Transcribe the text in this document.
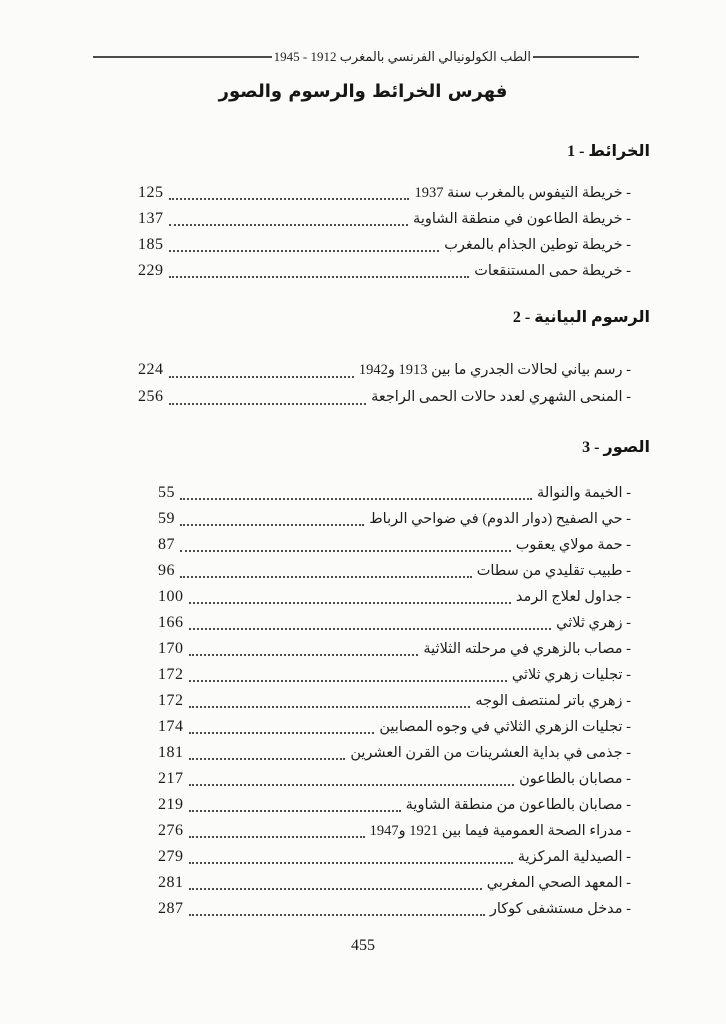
الطب الكولونيالي الفرنسي بالمغرب 1912 - 1945
فهرس الخرائط والرسوم والصور
1 - الخرائط
- خريطة التيفوس بالمغرب سنة 1937
125
- خريطة الطاعون في منطقة الشاوية
137
- خريطة توطين الجذام بالمغرب
185
- خريطة حمى المستنقعات
229
2 - الرسوم البيانية
- رسم بياني لحالات الجدري ما بين 1913 و1942
224
- المنحى الشهري لعدد حالات الحمى الراجعة
256
3 - الصور
- الخيمة والنوالة
55
- حي الصفيح (دوار الدوم) في ضواحي الرباط
59
- حمة مولاي يعقوب
87
- طبيب تقليدي من سطات
96
- جداول لعلاج الرمد
100
- زهري ثلاثي
166
- مصاب بالزهري في مرحلته الثلاثية
170
- تجليات زهري ثلاثي
172
- زهري باتر لمنتصف الوجه
172
- تجليات الزهري الثلاثي في وجوه المصابين
174
- جذمى في بداية العشرينات من القرن العشرين
181
- مصابان بالطاعون
217
- مصابان بالطاعون من منطقة الشاوية
219
- مدراء الصحة العمومية فيما بين 1921 و1947
276
- الصيدلية المركزية
279
- المعهد الصحي المغربي
281
- مدخل مستشفى كوكار
287
455
